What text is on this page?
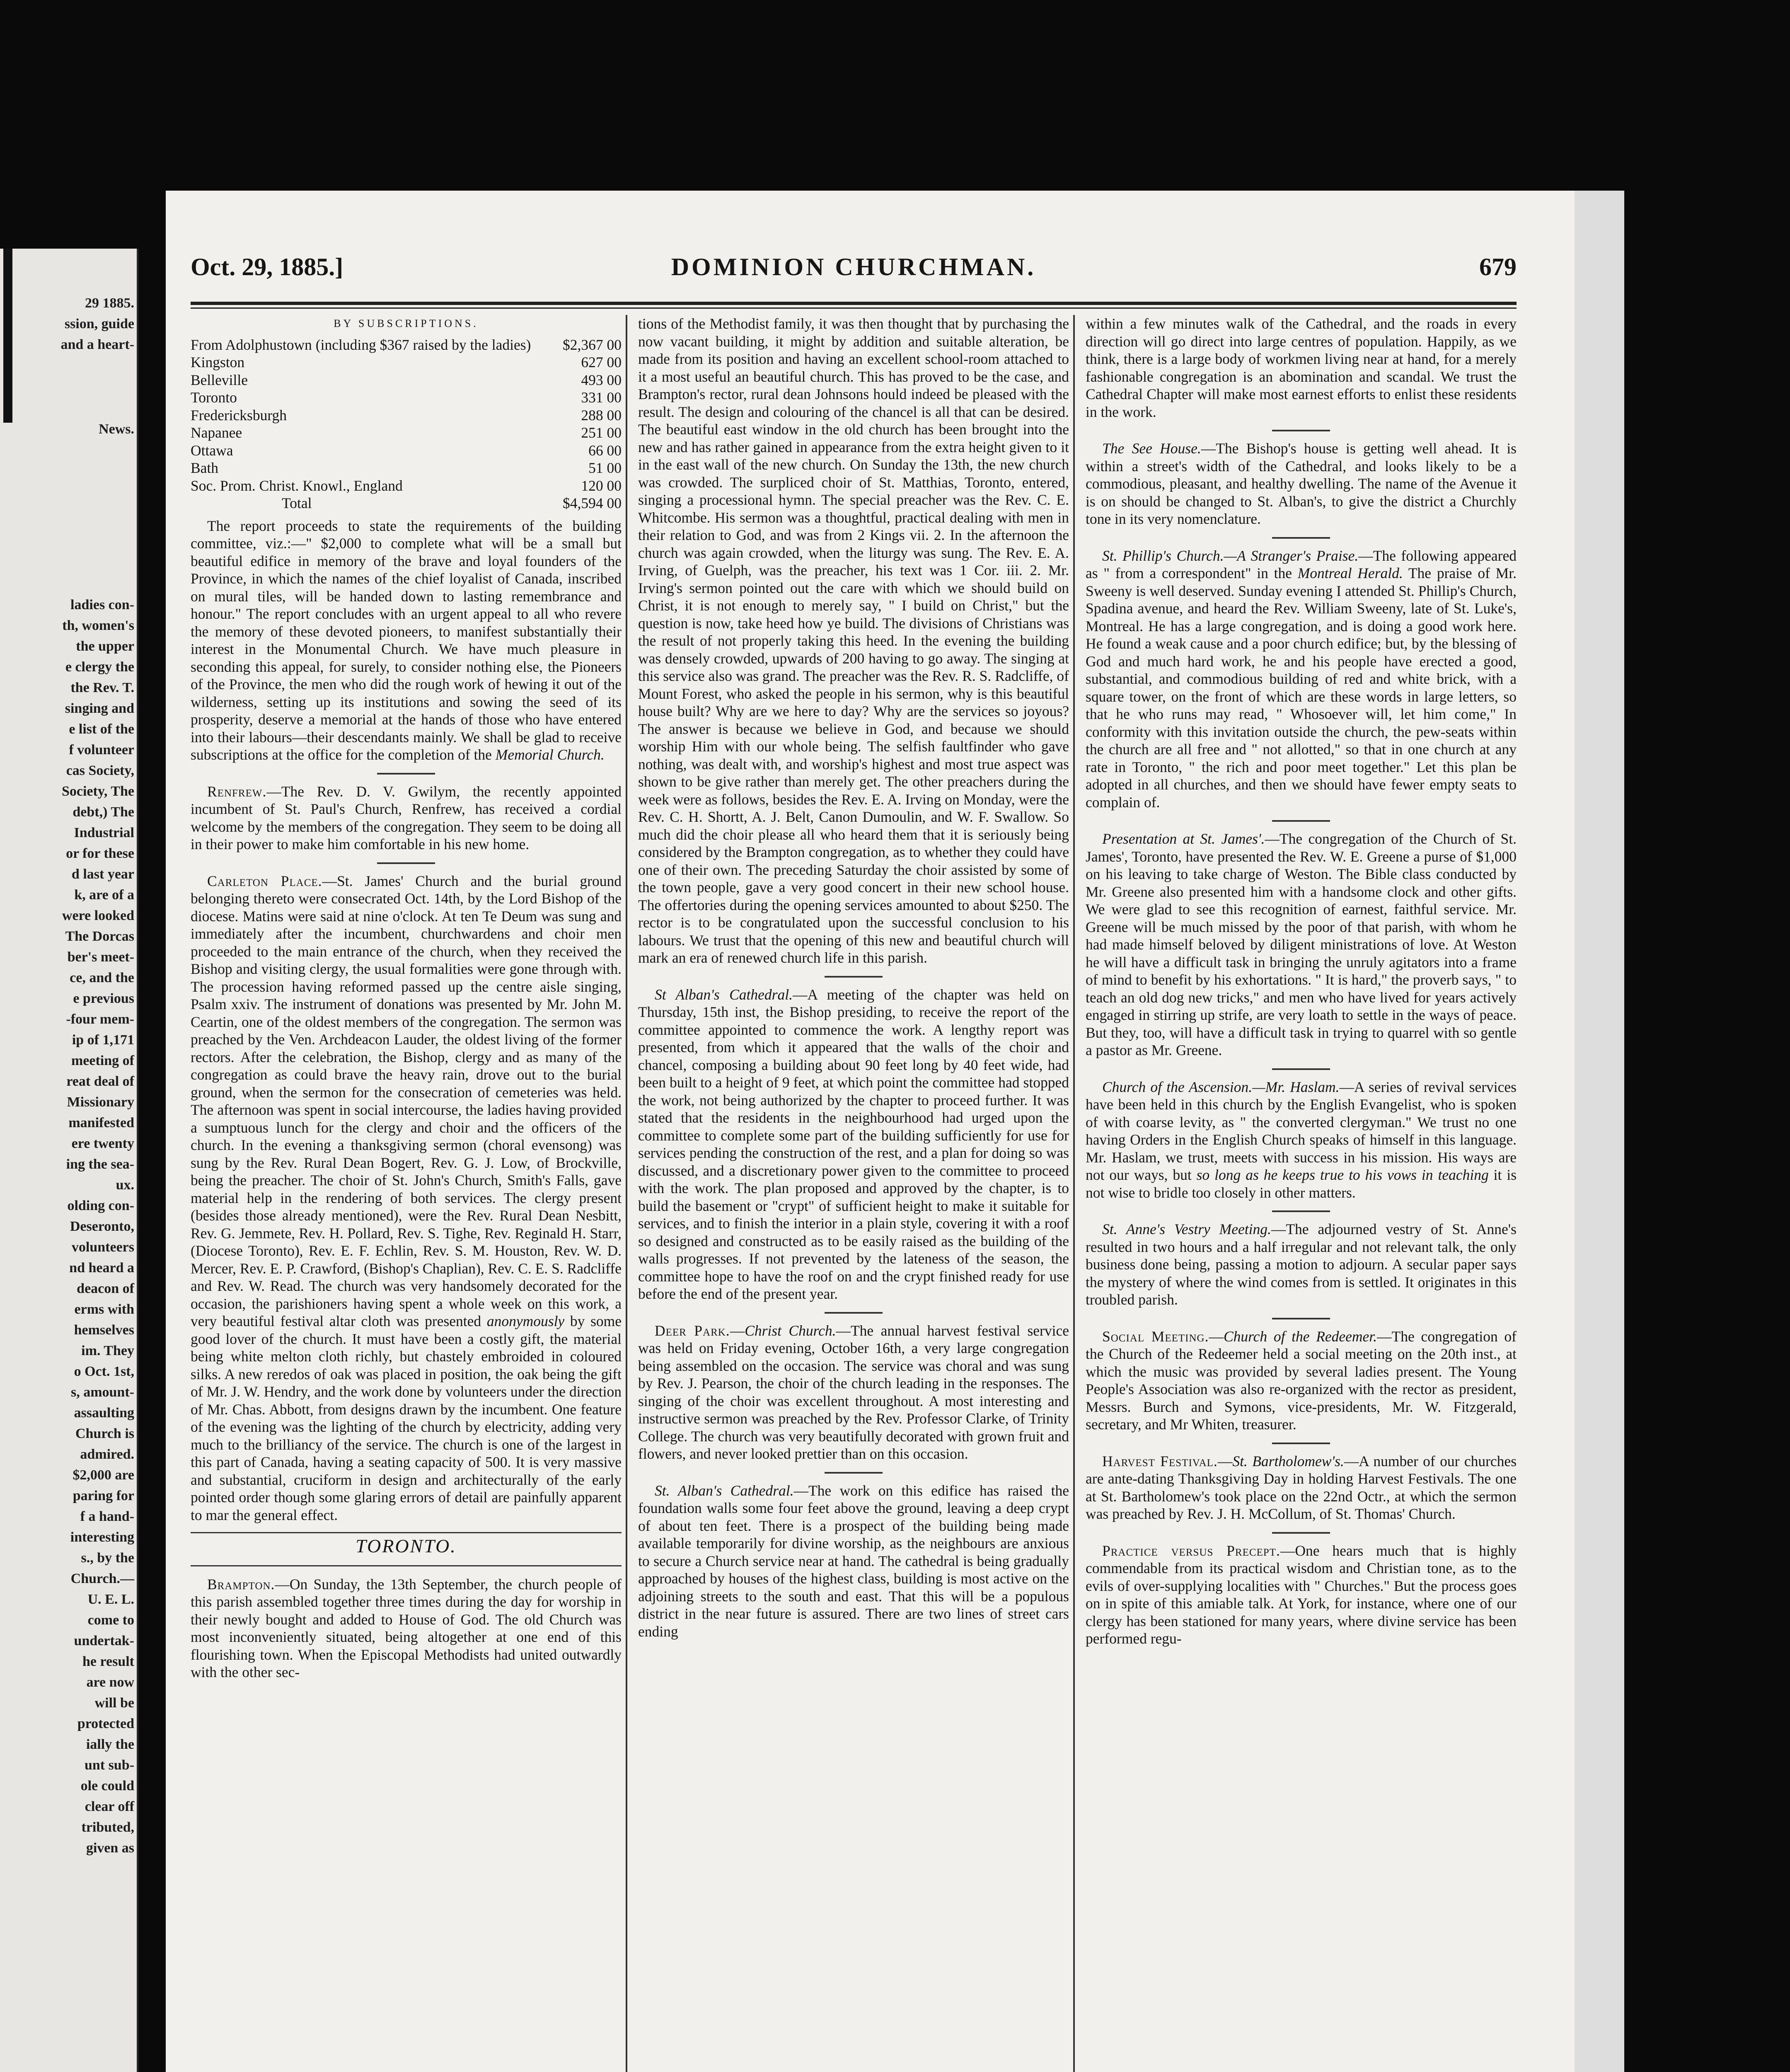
29 1885.
ssion, guide
and a heart-
News.
ladies con-
th, women's
the upper
e clergy the
the Rev. T.
singing and
e list of the
f volunteer
cas Society,
Society, The
debt,) The
Industrial
or for these
d last year
k, are of a
were looked
The Dorcas
ber's meet-
ce, and the
e previous
-four mem-
ip of 1,171
meeting of
reat deal of
Missionary
manifested
ere twenty
ing the sea-
ux.
olding con-
Deseronto,
volunteers
nd heard a
deacon of
erms with
hemselves
im. They
o Oct. 1st,
s, amount-
assaulting
Church is
admired.
$2,000 are
paring for
f a hand-
interesting
s., by the
Church.—
U. E. L.
come to
undertak-
he result
are now
will be
protected
ially the
unt sub-
ole could
clear off
tributed,
given as
Oct. 29, 1885.]	DOMINION CHURCHMAN.	679
BY SUBSCRIPTIONS.
From Adolphustown (including $367 raised by the ladies)	$2,367 00
Kingston	627 00
Belleville	493 00
Toronto	331 00
Fredericksburgh	288 00
Napanee	251 00
Ottawa	66 00
Bath	51 00
Soc. Prom. Christ. Knowl., England	120 00
Total	$4,594 00

The report proceeds to state the requirements of the building committee, viz.:—" $2,000 to complete what will be a small but beautiful edifice in memory of the brave and loyal founders of the Province, in which the names of the chief loyalist of Canada, inscribed on mural tiles, will be handed down to lasting remembrance and honour." The report concludes with an urgent appeal to all who revere the memory of these devoted pioneers, to manifest substantially their interest in the Monumental Church. We have much pleasure in seconding this appeal, for surely, to consider nothing else, the Pioneers of the Province, the men who did the rough work of hewing it out of the wilderness, setting up its institutions and sowing the seed of its prosperity, deserve a memorial at the hands of those who have entered into their labours—their descendants mainly. We shall be glad to receive subscriptions at the office for the completion of the Memorial Church.

Renfrew.—The Rev. D. V. Gwilym, the recently appointed incumbent of St. Paul's Church, Renfrew, has received a cordial welcome by the members of the congregation. They seem to be doing all in their power to make him comfortable in his new home.

Carleton Place.—St. James' Church and the burial ground belonging thereto were consecrated Oct. 14th, by the Lord Bishop of the diocese. Matins were said at nine o'clock. At ten Te Deum was sung and immediately after the incumbent, churchwardens and choir men proceeded to the main entrance of the church, when they received the Bishop and visiting clergy, the usual formalities were gone through with. The procession having reformed passed up the centre aisle singing, Psalm xxiv. The instrument of donations was presented by Mr. John M. Ceartin, one of the oldest members of the congregation. The sermon was preached by the Ven. Archdeacon Lauder, the oldest living of the former rectors. After the celebration, the Bishop, clergy and as many of the congregation as could brave the heavy rain, drove out to the burial ground, when the sermon for the consecration of cemeteries was held. The afternoon was spent in social intercourse, the ladies having provided a sumptuous lunch for the clergy and choir and the officers of the church. In the evening a thanksgiving sermon (choral evensong) was sung by the Rev. Rural Dean Bogert, Rev. G. J. Low, of Brockville, being the preacher. The choir of St. John's Church, Smith's Falls, gave material help in the rendering of both services. The clergy present (besides those already mentioned), were the Rev. Rural Dean Nesbitt, Rev. G. Jemmete, Rev. H. Pollard, Rev. S. Tighe, Rev. Reginald H. Starr, (Diocese Toronto), Rev. E. F. Echlin, Rev. S. M. Houston, Rev. W. D. Mercer, Rev. E. P. Crawford, (Bishop's Chaplian), Rev. C. E. S. Radcliffe and Rev. W. Read. The church was very handsomely decorated for the occasion, the parishioners having spent a whole week on this work, a very beautiful festival altar cloth was presented anonymously by some good lover of the church. It must have been a costly gift, the material being white melton cloth richly, but chastely embroided in coloured silks. A new reredos of oak was placed in position, the oak being the gift of Mr. J. W. Hendry, and the work done by volunteers under the direction of Mr. Chas. Abbott, from designs drawn by the incumbent. One feature of the evening was the lighting of the church by electricity, adding very much to the brilliancy of the service. The church is one of the largest in this part of Canada, having a seating capacity of 500. It is very massive and substantial, cruciform in design and architecturally of the early pointed order though some glaring errors of detail are painfully apparent to mar the general effect.

TORONTO.

Brampton.—On Sunday, the 13th September, the church people of this parish assembled together three times during the day for worship in their newly bought and added to House of God. The old Church was most inconveniently situated, being altogether at one end of this flourishing town. When the Episcopal Methodists had united outwardly with the other sec-

tions of the Methodist family, it was then thought that by purchasing the now vacant building, it might by addition and suitable alteration, be made from its position and having an excellent school-room attached to it a most useful an beautiful church. This has proved to be the case, and Brampton's rector, rural dean Johnsons hould indeed be pleased with the result. The design and colouring of the chancel is all that can be desired. The beautiful east window in the old church has been brought into the new and has rather gained in appearance from the extra height given to it in the east wall of the new church. On Sunday the 13th, the new church was crowded. The surpliced choir of St. Matthias, Toronto, entered, singing a processional hymn. The special preacher was the Rev. C. E. Whitcombe. His sermon was a thoughtful, practical dealing with men in their relation to God, and was from 2 Kings vii. 2. In the afternoon the church was again crowded, when the liturgy was sung. The Rev. E. A. Irving, of Guelph, was the preacher, his text was 1 Cor. iii. 2. Mr. Irving's sermon pointed out the care with which we should build on Christ, it is not enough to merely say, " I build on Christ," but the question is now, take heed how ye build. The divisions of Christians was the result of not properly taking this heed. In the evening the building was densely crowded, upwards of 200 having to go away. The singing at this service also was grand. The preacher was the Rev. R. S. Radcliffe, of Mount Forest, who asked the people in his sermon, why is this beautiful house built? Why are we here to day? Why are the services so joyous? The answer is because we believe in God, and because we should worship Him with our whole being. The selfish faultfinder who gave nothing, was dealt with, and worship's highest and most true aspect was shown to be give rather than merely get. The other preachers during the week were as follows, besides the Rev. E. A. Irving on Monday, were the Rev. C. H. Shortt, A. J. Belt, Canon Dumoulin, and W. F. Swallow. So much did the choir please all who heard them that it is seriously being considered by the Brampton congregation, as to whether they could have one of their own. The preceding Saturday the choir assisted by some of the town people, gave a very good concert in their new school house. The offertories during the opening services amounted to about $250. The rector is to be congratulated upon the successful conclusion to his labours. We trust that the opening of this new and beautiful church will mark an era of renewed church life in this parish.

St Alban's Cathedral.—A meeting of the chapter was held on Thursday, 15th inst, the Bishop presiding, to receive the report of the committee appointed to commence the work. A lengthy report was presented, from which it appeared that the walls of the choir and chancel, composing a building about 90 feet long by 40 feet wide, had been built to a height of 9 feet, at which point the committee had stopped the work, not being authorized by the chapter to proceed further. It was stated that the residents in the neighbourhood had urged upon the committee to complete some part of the building sufficiently for use for services pending the construction of the rest, and a plan for doing so was discussed, and a discretionary power given to the committee to proceed with the work. The plan proposed and approved by the chapter, is to build the basement or "crypt" of sufficient height to make it suitable for services, and to finish the interior in a plain style, covering it with a roof so designed and constructed as to be easily raised as the building of the walls progresses. If not prevented by the lateness of the season, the committee hope to have the roof on and the crypt finished ready for use before the end of the present year.

Deer Park.—Christ Church.—The annual harvest festival service was held on Friday evening, October 16th, a very large congregation being assembled on the occasion. The service was choral and was sung by Rev. J. Pearson, the choir of the church leading in the responses. The singing of the choir was excellent throughout. A most interesting and instructive sermon was preached by the Rev. Professor Clarke, of Trinity College. The church was very beautifully decorated with grown fruit and flowers, and never looked prettier than on this occasion.

St. Alban's Cathedral.—The work on this edifice has raised the foundation walls some four feet above the ground, leaving a deep crypt of about ten feet. There is a prospect of the building being made available temporarily for divine worship, as the neighbours are anxious to secure a Church service near at hand. The cathedral is being gradually approached by houses of the highest class, building is most active on the adjoining streets to the south and east. That this will be a populous district in the near future is assured. There are two lines of street cars ending

within a few minutes walk of the Cathedral, and the roads in every direction will go direct into large centres of population. Happily, as we think, there is a large body of workmen living near at hand, for a merely fashionable congregation is an abomination and scandal. We trust the Cathedral Chapter will make most earnest efforts to enlist these residents in the work.

The See House.—The Bishop's house is getting well ahead. It is within a street's width of the Cathedral, and looks likely to be a commodious, pleasant, and healthy dwelling. The name of the Avenue it is on should be changed to St. Alban's, to give the district a Churchly tone in its very nomenclature.

St. Phillip's Church.—A Stranger's Praise.—The following appeared as " from a correspondent" in the Montreal Herald. The praise of Mr. Sweeny is well deserved. Sunday evening I attended St. Phillip's Church, Spadina avenue, and heard the Rev. William Sweeny, late of St. Luke's, Montreal. He has a large congregation, and is doing a good work here. He found a weak cause and a poor church edifice; but, by the blessing of God and much hard work, he and his people have erected a good, substantial, and commodious building of red and white brick, with a square tower, on the front of which are these words in large letters, so that he who runs may read, " Whosoever will, let him come," In conformity with this invitation outside the church, the pew-seats within the church are all free and " not allotted," so that in one church at any rate in Toronto, " the rich and poor meet together." Let this plan be adopted in all churches, and then we should have fewer empty seats to complain of.

Presentation at St. James'.—The congregation of the Church of St. James', Toronto, have presented the Rev. W. E. Greene a purse of $1,000 on his leaving to take charge of Weston. The Bible class conducted by Mr. Greene also presented him with a handsome clock and other gifts. We were glad to see this recognition of earnest, faithful service. Mr. Greene will be much missed by the poor of that parish, with whom he had made himself beloved by diligent ministrations of love. At Weston he will have a difficult task in bringing the unruly agitators into a frame of mind to benefit by his exhortations. " It is hard," the proverb says, " to teach an old dog new tricks," and men who have lived for years actively engaged in stirring up strife, are very loath to settle in the ways of peace. But they, too, will have a difficult task in trying to quarrel with so gentle a pastor as Mr. Greene.

Church of the Ascension.—Mr. Haslam.—A series of revival services have been held in this church by the English Evangelist, who is spoken of with coarse levity, as " the converted clergyman." We trust no one having Orders in the English Church speaks of himself in this language. Mr. Haslam, we trust, meets with success in his mission. His ways are not our ways, but so long as he keeps true to his vows in teaching it is not wise to bridle too closely in other matters.

St. Anne's Vestry Meeting.—The adjourned vestry of St. Anne's resulted in two hours and a half irregular and not relevant talk, the only business done being, passing a motion to adjourn. A secular paper says the mystery of where the wind comes from is settled. It originates in this troubled parish.

Social Meeting.—Church of the Redeemer.—The congregation of the Church of the Redeemer held a social meeting on the 20th inst., at which the music was provided by several ladies present. The Young People's Association was also re-organized with the rector as president, Messrs. Burch and Symons, vice-presidents, Mr. W. Fitzgerald, secretary, and Mr Whiten, treasurer.

Harvest Festival.—St. Bartholomew's.—A number of our churches are ante-dating Thanksgiving Day in holding Harvest Festivals. The one at St. Bartholomew's took place on the 22nd Octr., at which the sermon was preached by Rev. J. H. McCollum, of St. Thomas' Church.

Practice versus Precept.—One hears much that is highly commendable from its practical wisdom and Christian tone, as to the evils of over-supplying localities with " Churches." But the process goes on in spite of this amiable talk. At York, for instance, where one of our clergy has been stationed for many years, where divine service has been performed regu-
